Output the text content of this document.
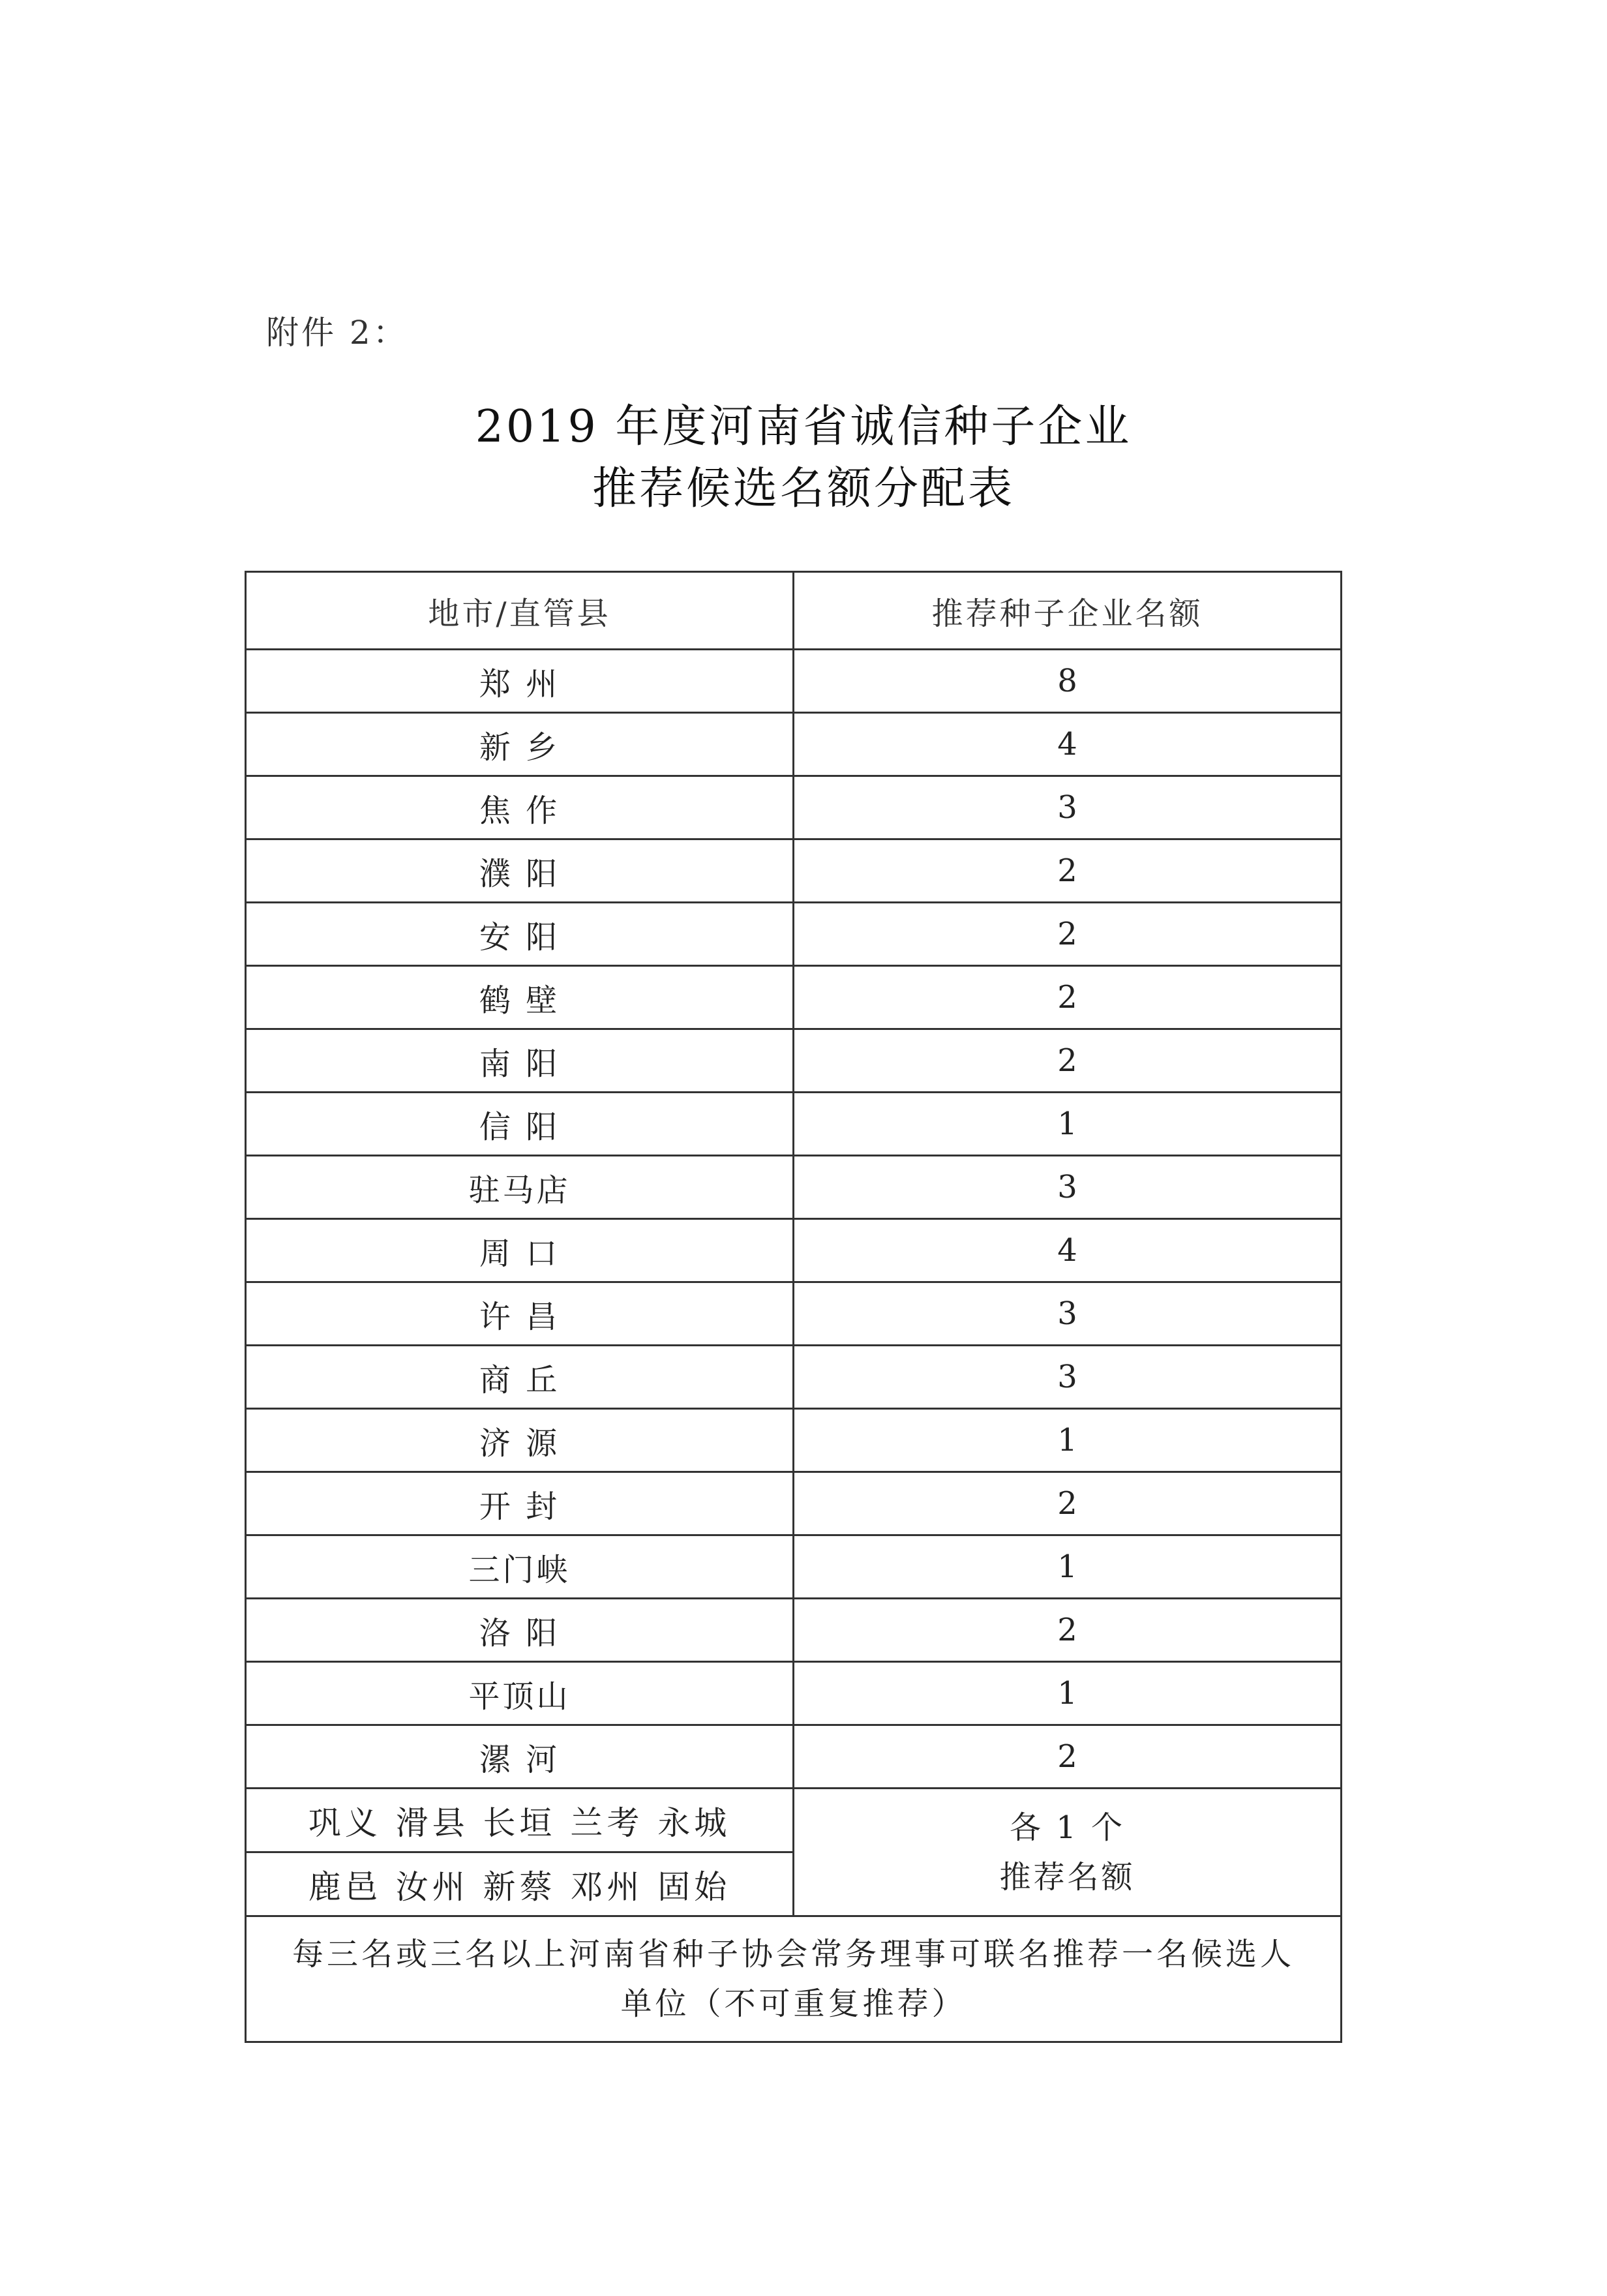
附件 2：
2019 年度河南省诚信种子企业
推荐候选名额分配表
地市/直管县	推荐种子企业名额
郑 州	8
新 乡	4
焦 作	3
濮 阳	2
安 阳	2
鹤 壁	2
南 阳	2
信 阳	1
驻马店	3
周 口	4
许 昌	3
商 丘	3
济 源	1
开 封	2
三门峡	1
洛 阳	2
平顶山	1
漯 河	2
巩义 滑县 长垣 兰考 永城	各 1 个
推荐名额

鹿邑 汝州 新蔡 邓州 固始	

每三名或三名以上河南省种子协会常务理事可联名推荐一名候选人
单位（不可重复推荐）	
